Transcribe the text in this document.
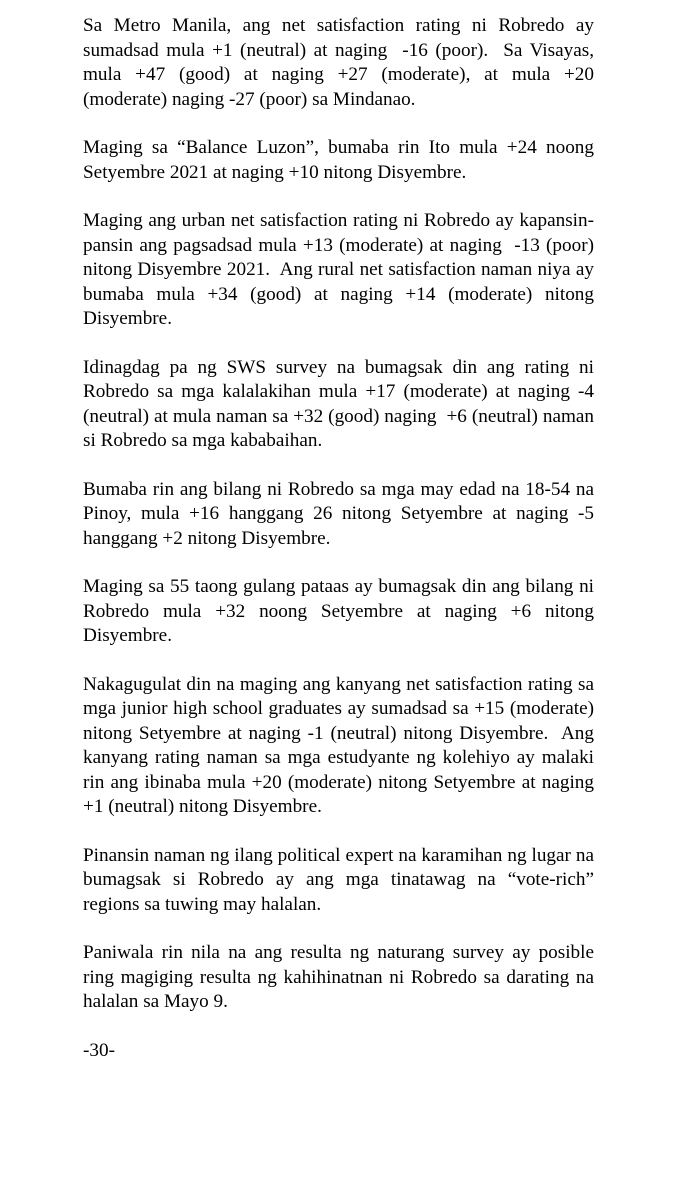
Sa Metro Manila, ang net satisfaction rating ni Robredo ay sumadsad mula +1 (neutral) at naging  -16 (poor).  Sa Visayas, mula +47 (good) at naging +27 (moderate), at mula +20 (moderate) naging -27 (poor) sa Mindanao.

Maging sa “Balance Luzon”, bumaba rin Ito mula +24 noong Setyembre 2021 at naging +10 nitong Disyembre.

Maging ang urban net satisfaction rating ni Robredo ay kapansin-pansin ang pagsadsad mula +13 (moderate) at naging  -13 (poor) nitong Disyembre 2021.  Ang rural net satisfaction naman niya ay bumaba mula +34 (good) at naging +14 (moderate) nitong Disyembre.

Idinagdag pa ng SWS survey na bumagsak din ang rating ni Robredo sa mga kalalakihan mula +17 (moderate) at naging -4 (neutral) at mula naman sa +32 (good) naging  +6 (neutral) naman si Robredo sa mga kababaihan.

Bumaba rin ang bilang ni Robredo sa mga may edad na 18-54 na Pinoy, mula +16 hanggang 26 nitong Setyembre at naging -5 hanggang +2 nitong Disyembre.

Maging sa 55 taong gulang pataas ay bumagsak din ang bilang ni Robredo mula +32 noong Setyembre at naging +6 nitong Disyembre.

Nakagugulat din na maging ang kanyang net satisfaction rating sa mga junior high school graduates ay sumadsad sa +15 (moderate) nitong Setyembre at naging -1 (neutral) nitong Disyembre.  Ang kanyang rating naman sa mga estudyante ng kolehiyo ay malaki rin ang ibinaba mula +20 (moderate) nitong Setyembre at naging +1 (neutral) nitong Disyembre.

Pinansin naman ng ilang political expert na karamihan ng lugar na bumagsak si Robredo ay ang mga tinatawag na “vote-rich” regions sa tuwing may halalan.

Paniwala rin nila na ang resulta ng naturang survey ay posible ring magiging resulta ng kahihinatnan ni Robredo sa darating na halalan sa Mayo 9.

-30-
